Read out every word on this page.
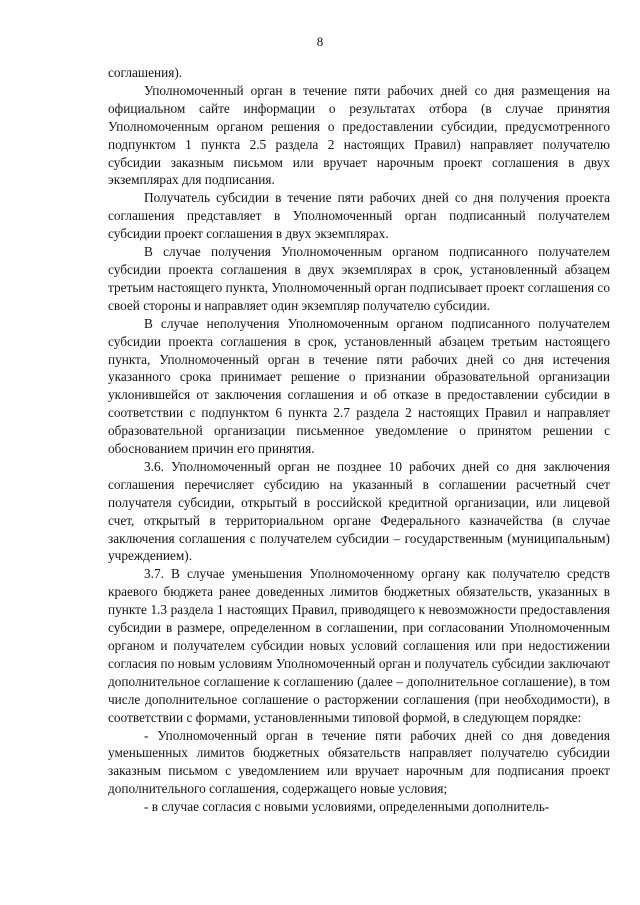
8

соглашения).

Уполномоченный орган в течение пяти рабочих дней со дня размещения на официальном сайте информации о результатах отбора (в случае принятия Уполномоченным органом решения о предоставлении субсидии, предусмотренного подпунктом 1 пункта 2.5 раздела 2 настоящих Правил) направляет получателю субсидии заказным письмом или вручает нарочным проект соглашения в двух экземплярах для подписания.

Получатель субсидии в течение пяти рабочих дней со дня получения проекта соглашения представляет в Уполномоченный орган подписанный получателем субсидии проект соглашения в двух экземплярах.

В случае получения Уполномоченным органом подписанного получателем субсидии проекта соглашения в двух экземплярах в срок, установленный абзацем третьим настоящего пункта, Уполномоченный орган подписывает проект соглашения со своей стороны и направляет один экземпляр получателю субсидии.

В случае неполучения Уполномоченным органом подписанного получателем субсидии проекта соглашения в срок, установленный абзацем третьим настоящего пункта, Уполномоченный орган в течение пяти рабочих дней со дня истечения указанного срока принимает решение о признании образовательной организации уклонившейся от заключения соглашения и об отказе в предоставлении субсидии в соответствии с подпунктом 6 пункта 2.7 раздела 2 настоящих Правил и направляет образовательной организации письменное уведомление о принятом решении с обоснованием причин его принятия.

3.6. Уполномоченный орган не позднее 10 рабочих дней со дня заключения соглашения перечисляет субсидию на указанный в соглашении расчетный счет получателя субсидии, открытый в российской кредитной организации, или лицевой счет, открытый в территориальном органе Федерального казначейства (в случае заключения соглашения с получателем субсидии – государственным (муниципальным) учреждением).

3.7. В случае уменьшения Уполномоченному органу как получателю средств краевого бюджета ранее доведенных лимитов бюджетных обязательств, указанных в пункте 1.3 раздела 1 настоящих Правил, приводящего к невозможности предоставления субсидии в размере, определенном в соглашении, при согласовании Уполномоченным органом и получателем субсидии новых условий соглашения или при недостижении согласия по новым условиям Уполномоченный орган и получатель субсидии заключают дополнительное соглашение к соглашению (далее – дополнительное соглашение), в том числе дополнительное соглашение о расторжении соглашения (при необходимости), в соответствии с формами, установленными типовой формой, в следующем порядке:

- Уполномоченный орган в течение пяти рабочих дней со дня доведения уменьшенных лимитов бюджетных обязательств направляет получателю субсидии заказным письмом с уведомлением или вручает нарочным для подписания проект дополнительного соглашения, содержащего новые условия;

- в случае согласия с новыми условиями, определенными дополнитель-
